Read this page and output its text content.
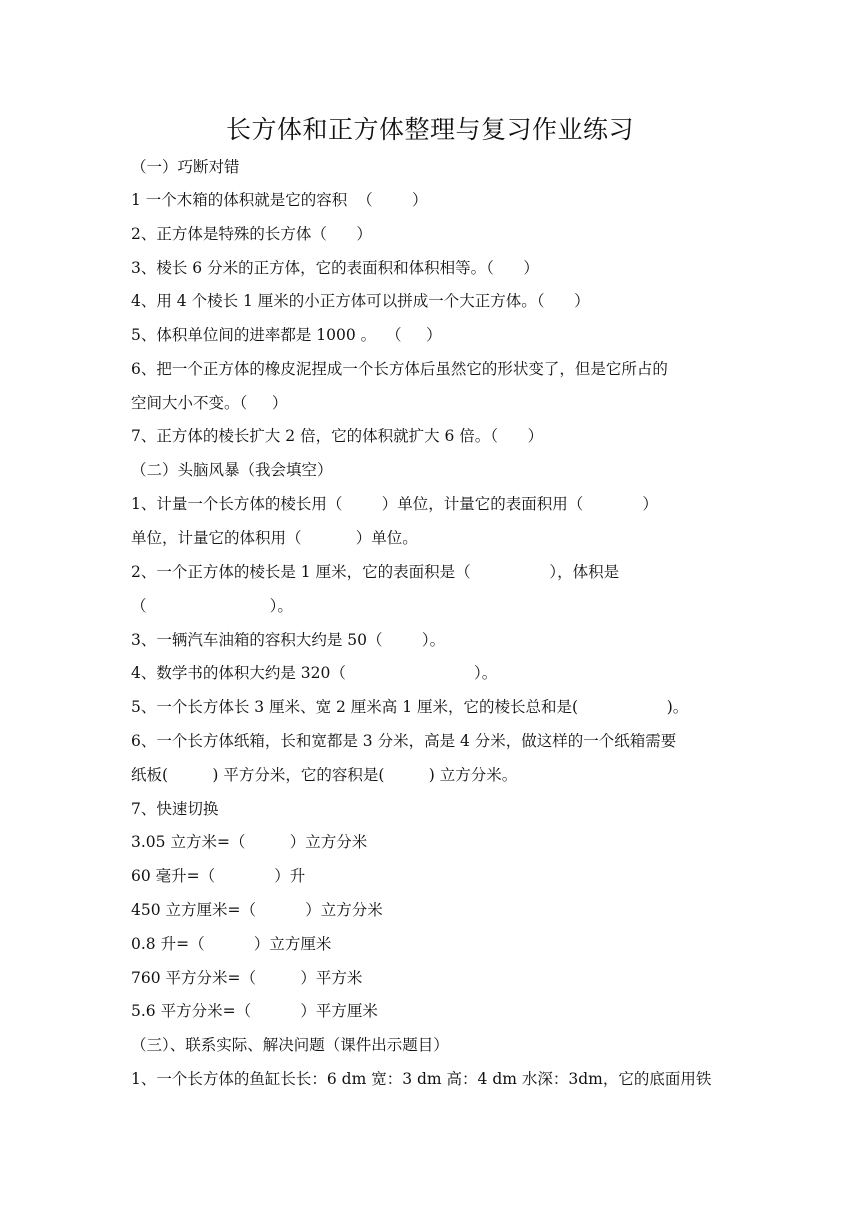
长方体和正方体整理与复习作业练习
（一）巧断对错
1 一个木箱的体积就是它的容积  （        ）
2、正方体是特殊的长方体（      ）
3、棱长 6 分米的正方体，它的表面积和体积相等。（      ）
4、用 4 个棱长 1 厘米的小正方体可以拼成一个大正方体。（      ）
5、体积单位间的进率都是 1000 。  （     ）
6、把一个正方体的橡皮泥捏成一个长方体后虽然它的形状变了，但是它所占的
空间大小不变。（     ）
7、正方体的棱长扩大 2 倍，它的体积就扩大 6 倍。（      ）
（二）头脑风暴（我会填空）
1、计量一个长方体的棱长用（        ）单位，计量它的表面积用（            ）
单位，计量它的体积用（           ）单位。
2、一个正方体的棱长是 1 厘米，它的表面积是（                ），体积是
（                         ）。
3、一辆汽车油箱的容积大约是 50（        ）。
4、数学书的体积大约是 320（                          ）。
5、一个长方体长 3 厘米、宽 2 厘米高 1 厘米，它的棱长总和是(                  )。
6、一个长方体纸箱，长和宽都是 3 分米，高是 4 分米，做这样的一个纸箱需要
纸板(         ) 平方分米，它的容积是(         ) 立方分米。
7、快速切换
3.05 立方米=（         ）立方分米
60 毫升=（            ）升
450 立方厘米=（          ）立方分米
0.8 升=（          ）立方厘米
760 平方分米=（         ）平方米
5.6 平方分米=（          ）平方厘米
（三）、联系实际、解决问题（课件出示题目）
1、一个长方体的鱼缸长长：6 dm 宽：3 dm 高：4 dm 水深：3dm，它的底面用铁
